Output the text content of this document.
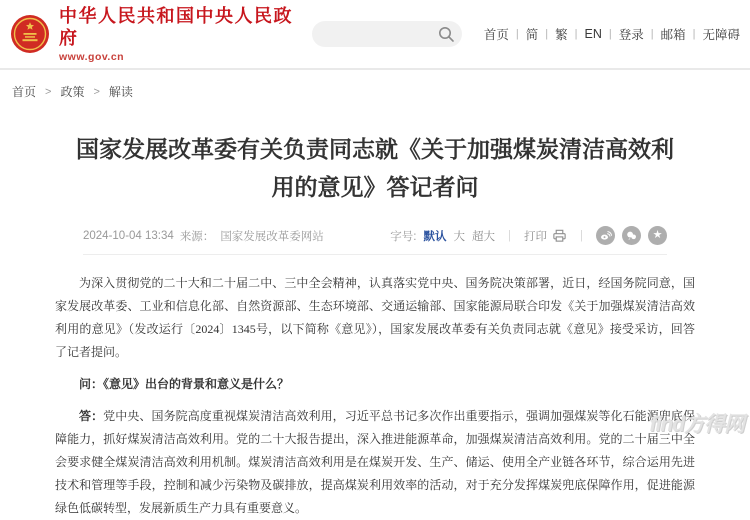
中华人民共和国中央人民政府
www.gov.cn
首页 | 简 | 繁 | EN | 登录 | 邮箱 | 无障碍
首页 > 政策 > 解读
国家发展改革委有关负责同志就《关于加强煤炭清洁高效利用的意见》答记者问
2024-10-04 13:34 来源： 国家发展改革委网站	字号: 默认 大 超大 | 打印	|	★

为深入贯彻党的二十大和二十届二中、三中全会精神，认真落实党中央、国务院决策部署，近日，经国务院同意，国家发展改革委、工业和信息化部、自然资源部、生态环境部、交通运输部、国家能源局联合印发《关于加强煤炭清洁高效利用的意见》（发改运行〔2024〕1345号，以下简称《意见》），国家发展改革委有关负责同志就《意见》接受采访，回答了记者提问。

问：《意见》出台的背景和意义是什么？

答：党中央、国务院高度重视煤炭清洁高效利用，习近平总书记多次作出重要指示，强调加强煤炭等化石能源兜底保障能力，抓好煤炭清洁高效利用。党的二十大报告提出，深入推进能源革命，加强煤炭清洁高效利用。党的二十届三中全会要求健全煤炭清洁高效利用机制。煤炭清洁高效利用是在煤炭开发、生产、储运、使用全产业链各环节，综合运用先进技术和管理等手段，控制和减少污染物及碳排放，提高煤炭利用效率的活动，对于充分发挥煤炭兜底保障作用，促进能源绿色低碳转型，发展新质生产力具有重要意义。

find方得网
